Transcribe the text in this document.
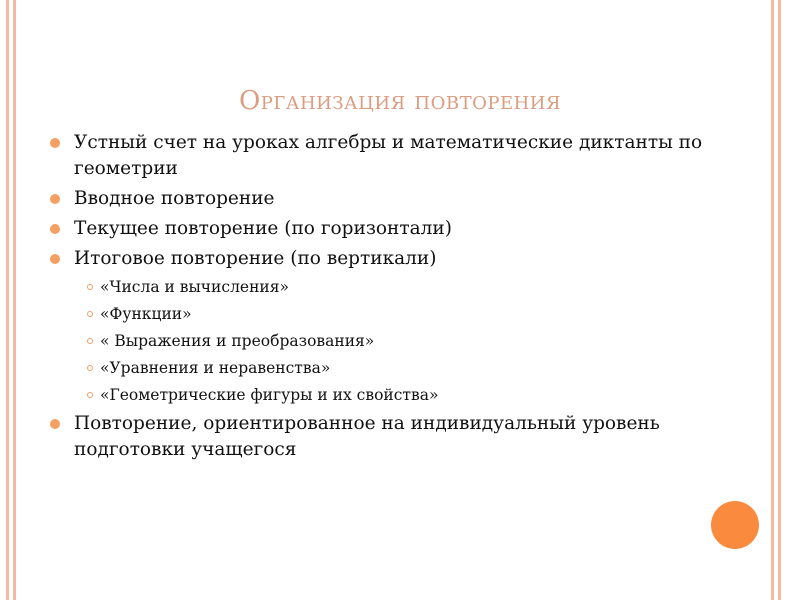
Организация повторения
Устный счет на уроках алгебры и математические диктанты по геометрии
Вводное повторение
Текущее повторение (по горизонтали)
Итоговое повторение (по вертикали)
«Числа и вычисления»
«Функции»
« Выражения и преобразования»
«Уравнения и неравенства»
«Геометрические фигуры и их свойства»
Повторение, ориентированное на индивидуальный уровень подготовки учащегося
